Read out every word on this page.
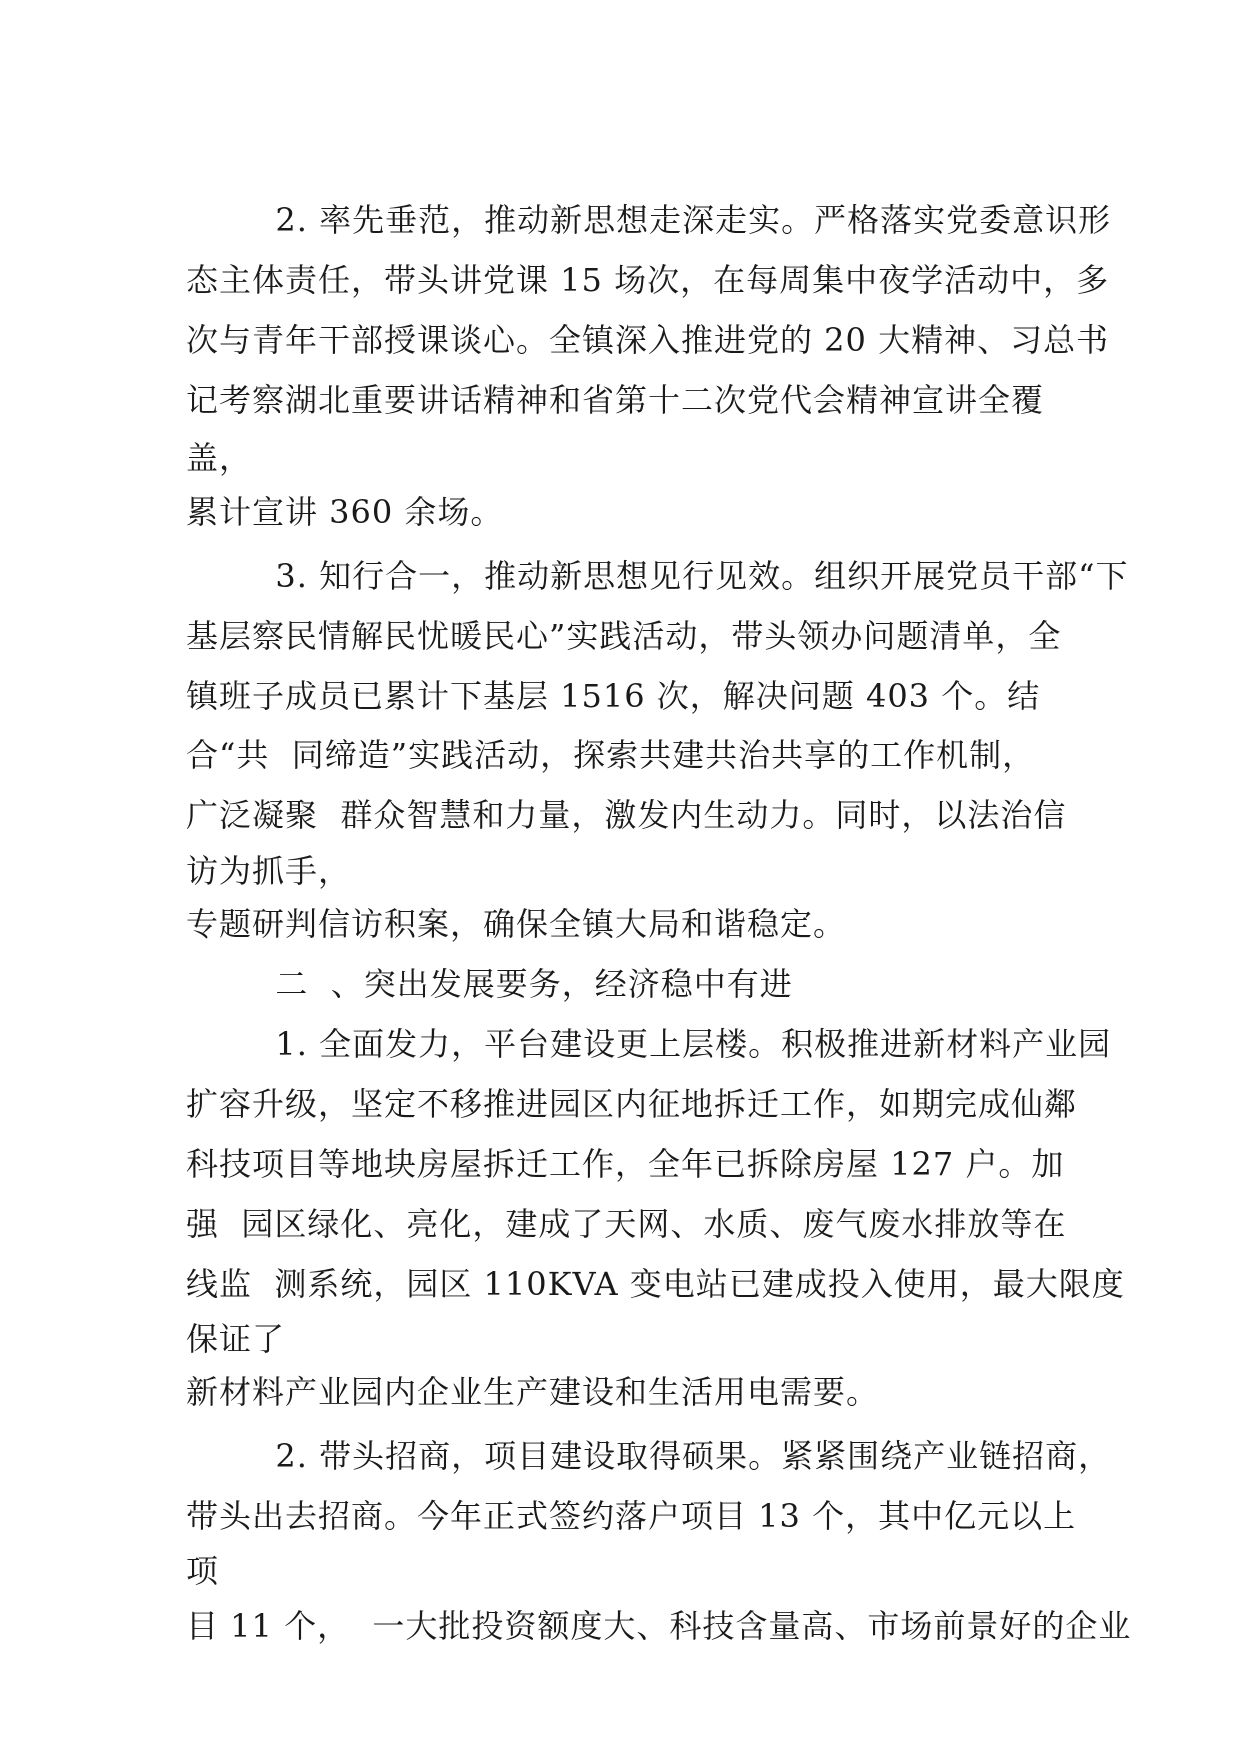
2. 率先垂范，推动新思想走深走实。严格落实党委意识形
态主体责任，带头讲党课 15 场次，在每周集中夜学活动中，多
次与青年干部授课谈心。全镇深入推进党的 20 大精神、习总书
记考察湖北重要讲话精神和省第十二次党代会精神宣讲全覆
盖，
累计宣讲 360 余场。
3. 知行合一，推动新思想见行见效。组织开展党员干部“下
基层察民情解民忧暖民心”实践活动，带头领办问题清单，全
镇班子成员已累计下基层 1516 次，解决问题 403 个。结
合“共  同缔造”实践活动，探索共建共治共享的工作机制，
广泛凝聚  群众智慧和力量，激发内生动力。同时，以法治信
访为抓手，
专题研判信访积案，确保全镇大局和谐稳定。
二  、突出发展要务，经济稳中有进
1. 全面发力，平台建设更上层楼。积极推进新材料产业园
扩容升级，坚定不移推进园区内征地拆迁工作，如期完成仙鄰
科技项目等地块房屋拆迁工作，全年已拆除房屋 127 户。加
强  园区绿化、亮化，建成了天网、水质、废气废水排放等在
线监  测系统，园区 110KVA 变电站已建成投入使用，最大限度
保证了
新材料产业园内企业生产建设和生活用电需要。
2. 带头招商，项目建设取得硕果。紧紧围绕产业链招商，
带头出去招商。今年正式签约落户项目 13 个，其中亿元以上
项
目 11 个，  一大批投资额度大、科技含量高、市场前景好的企业
